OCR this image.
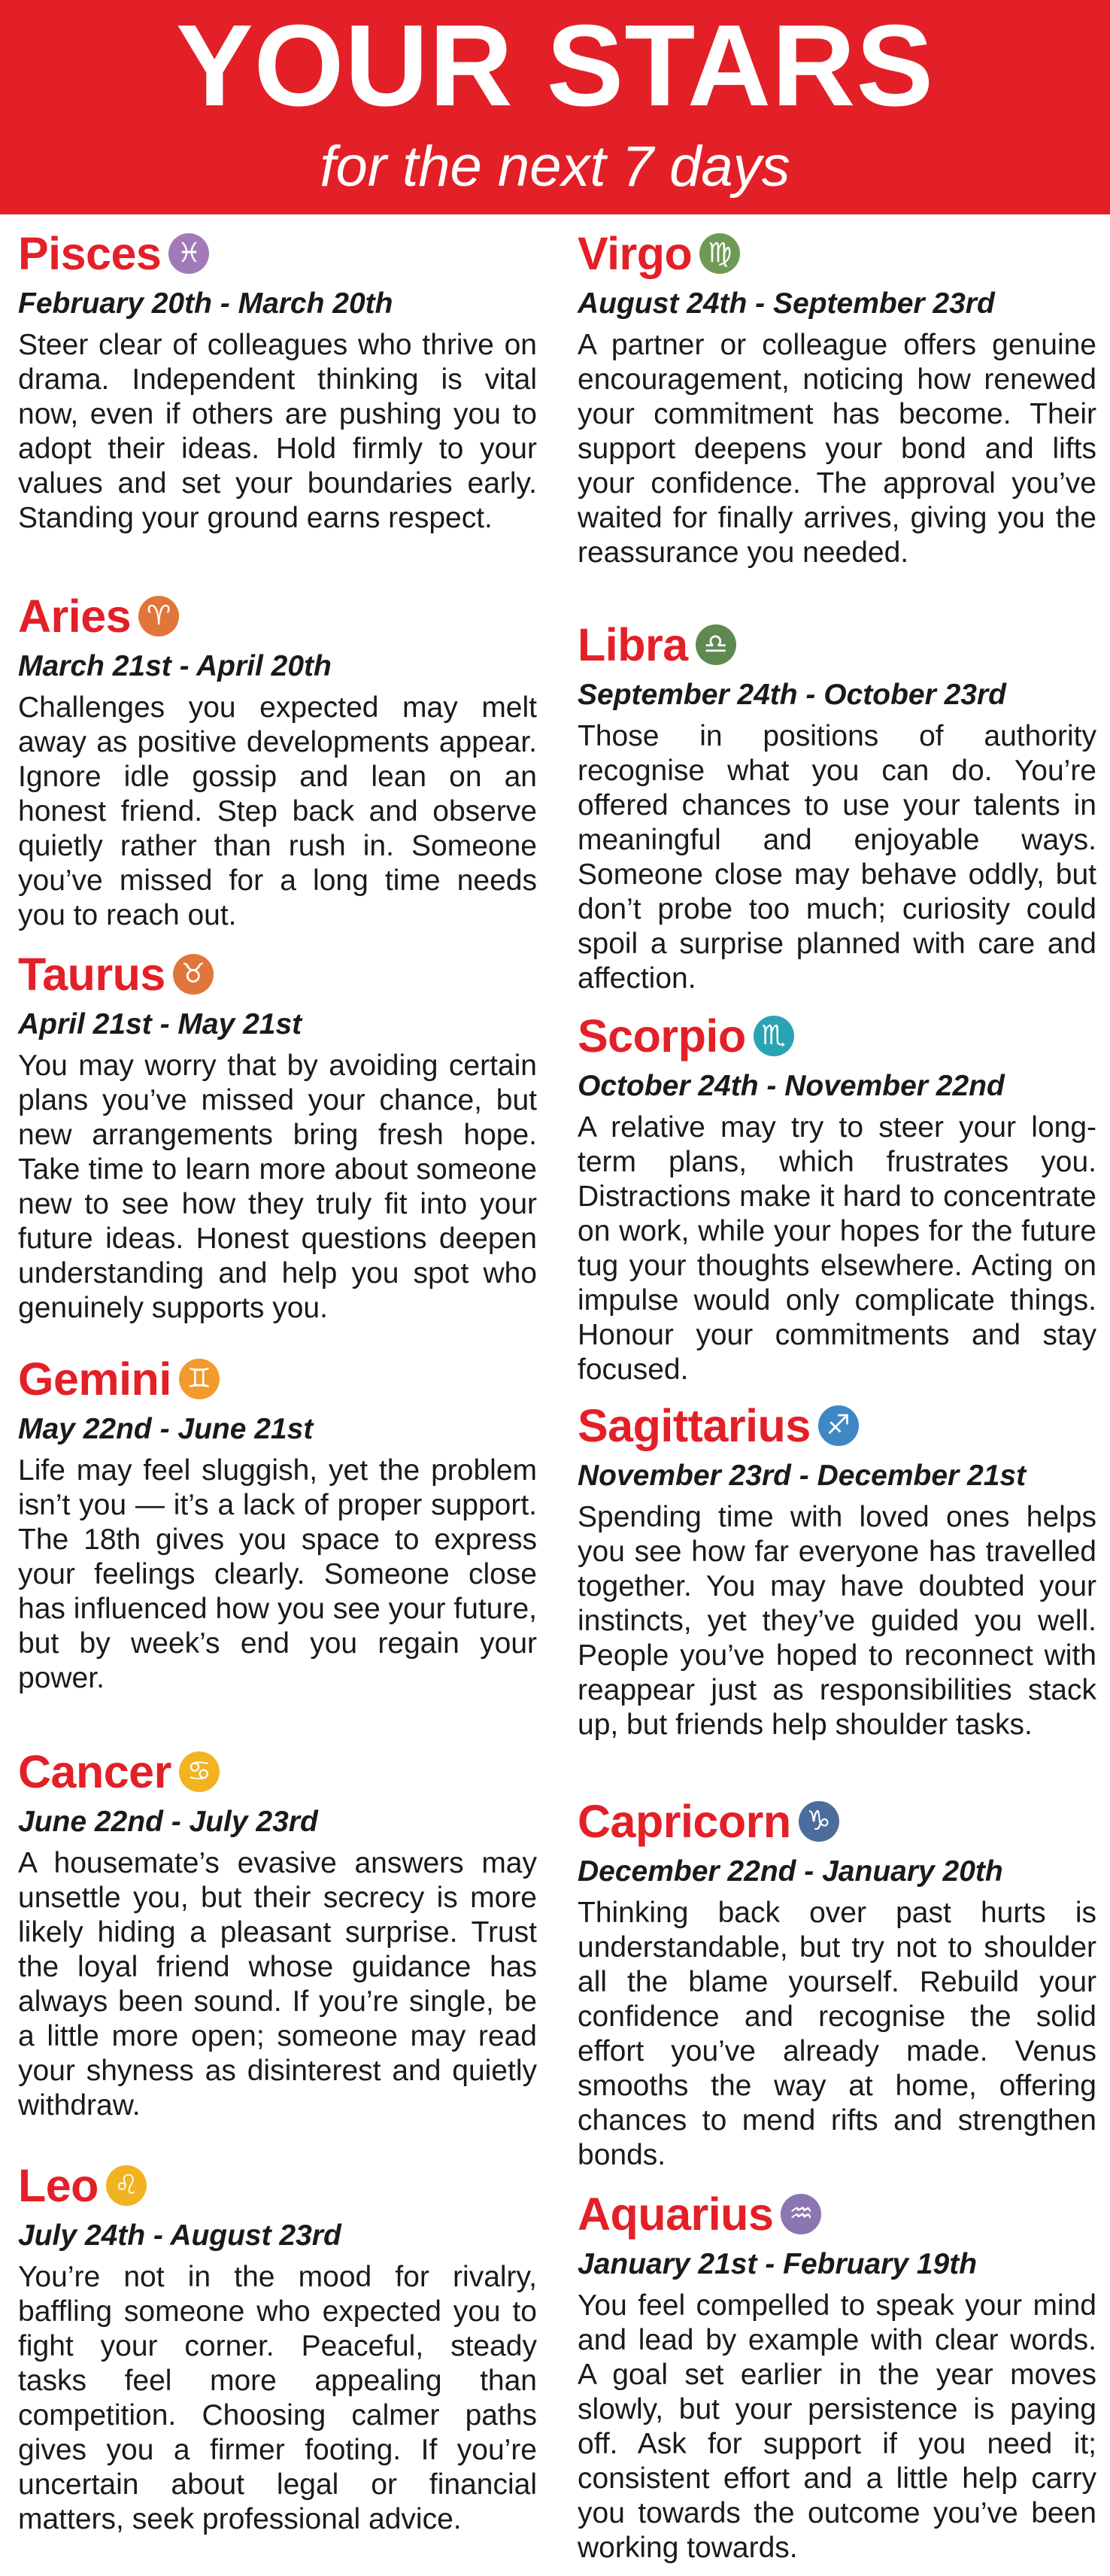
YOUR STARS
for the next 7 days
Pisces ♓
February 20th - March 20th
Steer clear of colleagues who thrive on drama. Independent thinking is vital now, even if others are pushing you to adopt their ideas. Hold firmly to your values and set your boundaries early. Standing your ground earns respect.
Aries ♈
March 21st - April 20th
Challenges you expected may melt away as positive developments appear. Ignore idle gossip and lean on an honest friend. Step back and observe quietly rather than rush in. Someone you’ve missed for a long time needs you to reach out.
Taurus ♉
April 21st - May 21st
You may worry that by avoiding certain plans you’ve missed your chance, but new arrangements bring fresh hope. Take time to learn more about someone new to see how they truly fit into your future ideas. Honest questions deepen understanding and help you spot who genuinely supports you.
Gemini ♊
May 22nd - June 21st
Life may feel sluggish, yet the problem isn’t you — it’s a lack of proper support. The 18th gives you space to express your feelings clearly. Someone close has influenced how you see your future, but by week’s end you regain your power.
Cancer ♋
June 22nd - July 23rd
A housemate’s evasive answers may unsettle you, but their secrecy is more likely hiding a pleasant surprise. Trust the loyal friend whose guidance has always been sound. If you’re single, be a little more open; someone may read your shyness as disinterest and quietly withdraw.
Leo ♌
July 24th - August 23rd
You’re not in the mood for rivalry, baffling someone who expected you to fight your corner. Peaceful, steady tasks feel more appealing than competition. Choosing calmer paths gives you a firmer footing. If you’re uncertain about legal or financial matters, seek professional advice.
Virgo ♍
August 24th - September 23rd
A partner or colleague offers genuine encouragement, noticing how renewed your commitment has become. Their support deepens your bond and lifts your confidence. The approval you’ve waited for finally arrives, giving you the reassurance you needed.
Libra ♎
September 24th - October 23rd
Those in positions of authority recognise what you can do. You’re offered chances to use your talents in meaningful and enjoyable ways. Someone close may behave oddly, but don’t probe too much; curiosity could spoil a surprise planned with care and affection.
Scorpio ♏
October 24th - November 22nd
A relative may try to steer your long-term plans, which frustrates you. Distractions make it hard to concentrate on work, while your hopes for the future tug your thoughts elsewhere. Acting on impulse would only complicate things. Honour your commitments and stay focused.
Sagittarius ♐
November 23rd - December 21st
Spending time with loved ones helps you see how far everyone has travelled together. You may have doubted your instincts, yet they’ve guided you well. People you’ve hoped to reconnect with reappear just as responsibilities stack up, but friends help shoulder tasks.
Capricorn ♑
December 22nd - January 20th
Thinking back over past hurts is understandable, but try not to shoulder all the blame yourself. Rebuild your confidence and recognise the solid effort you’ve already made. Venus smooths the way at home, offering chances to mend rifts and strengthen bonds.
Aquarius ♒
January 21st - February 19th
You feel compelled to speak your mind and lead by example with clear words. A goal set earlier in the year moves slowly, but your persistence is paying off. Ask for support if you need it; consistent effort and a little help carry you towards the outcome you’ve been working towards.
